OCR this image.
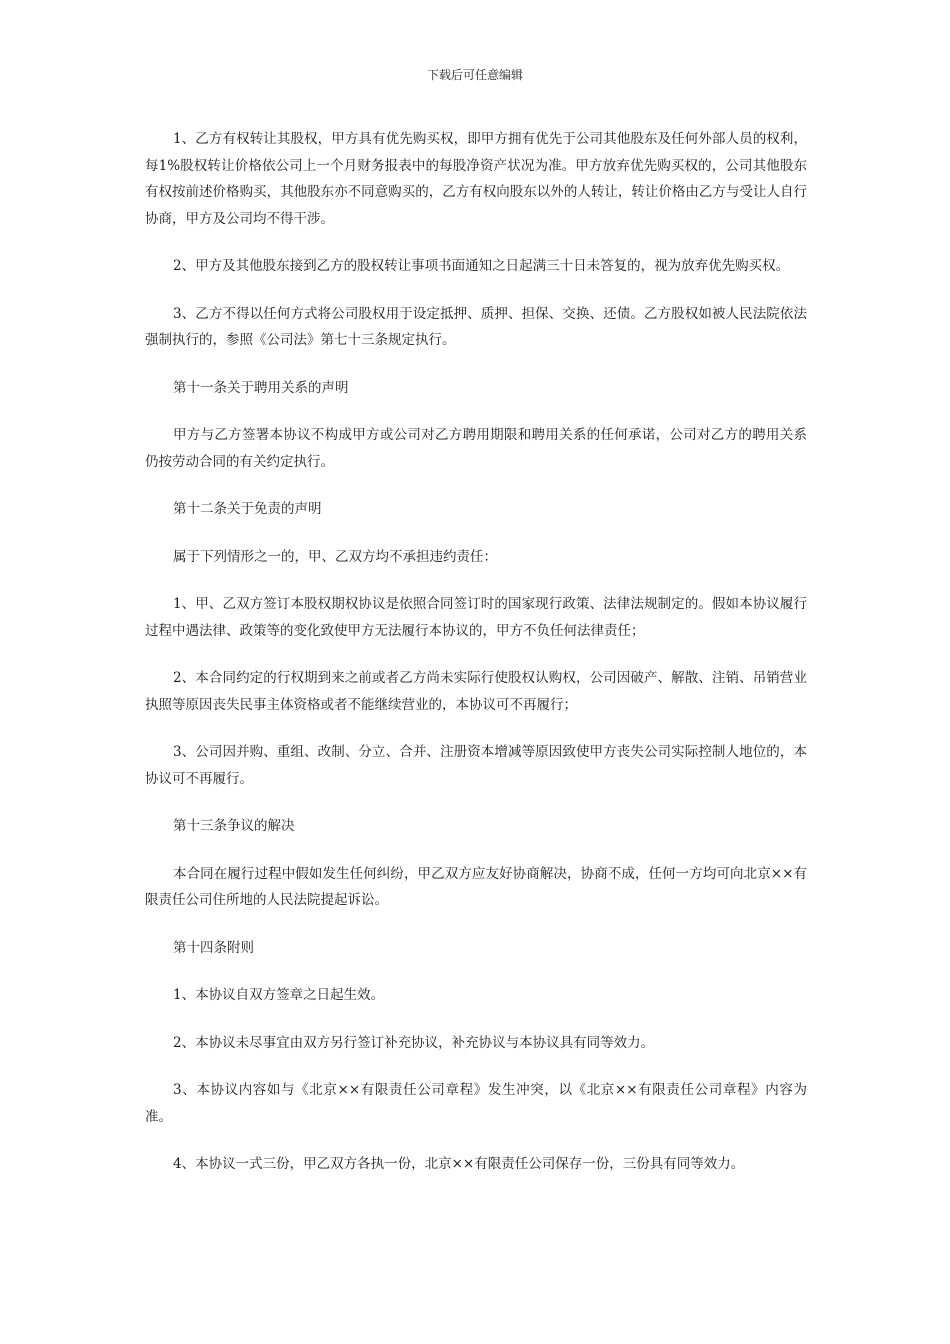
下载后可任意编辑

1、乙方有权转让其股权，甲方具有优先购买权，即甲方拥有优先于公司其他股东及任何外部人员的权利，每1%股权转让价格依公司上一个月财务报表中的每股净资产状况为准。甲方放弃优先购买权的，公司其他股东有权按前述价格购买，其他股东亦不同意购买的，乙方有权向股东以外的人转让，转让价格由乙方与受让人自行协商，甲方及公司均不得干涉。

2、甲方及其他股东接到乙方的股权转让事项书面通知之日起满三十日未答复的，视为放弃优先购买权。

3、乙方不得以任何方式将公司股权用于设定抵押、质押、担保、交换、还债。乙方股权如被人民法院依法强制执行的，参照《公司法》第七十三条规定执行。

第十一条关于聘用关系的声明

甲方与乙方签署本协议不构成甲方或公司对乙方聘用期限和聘用关系的任何承诺，公司对乙方的聘用关系仍按劳动合同的有关约定执行。

第十二条关于免责的声明

属于下列情形之一的，甲、乙双方均不承担违约责任：

1、甲、乙双方签订本股权期权协议是依照合同签订时的国家现行政策、法律法规制定的。假如本协议履行过程中遇法律、政策等的变化致使甲方无法履行本协议的，甲方不负任何法律责任；

2、本合同约定的行权期到来之前或者乙方尚未实际行使股权认购权，公司因破产、解散、注销、吊销营业执照等原因丧失民事主体资格或者不能继续营业的，本协议可不再履行；

3、公司因并购、重组、改制、分立、合并、注册资本增减等原因致使甲方丧失公司实际控制人地位的，本协议可不再履行。

第十三条争议的解决

本合同在履行过程中假如发生任何纠纷，甲乙双方应友好协商解决，协商不成，任何一方均可向北京××有限责任公司住所地的人民法院提起诉讼。

第十四条附则

1、本协议自双方签章之日起生效。

2、本协议未尽事宜由双方另行签订补充协议，补充协议与本协议具有同等效力。

3、本协议内容如与《北京××有限责任公司章程》发生冲突，以《北京××有限责任公司章程》内容为准。

4、本协议一式三份，甲乙双方各执一份，北京××有限责任公司保存一份，三份具有同等效力。
